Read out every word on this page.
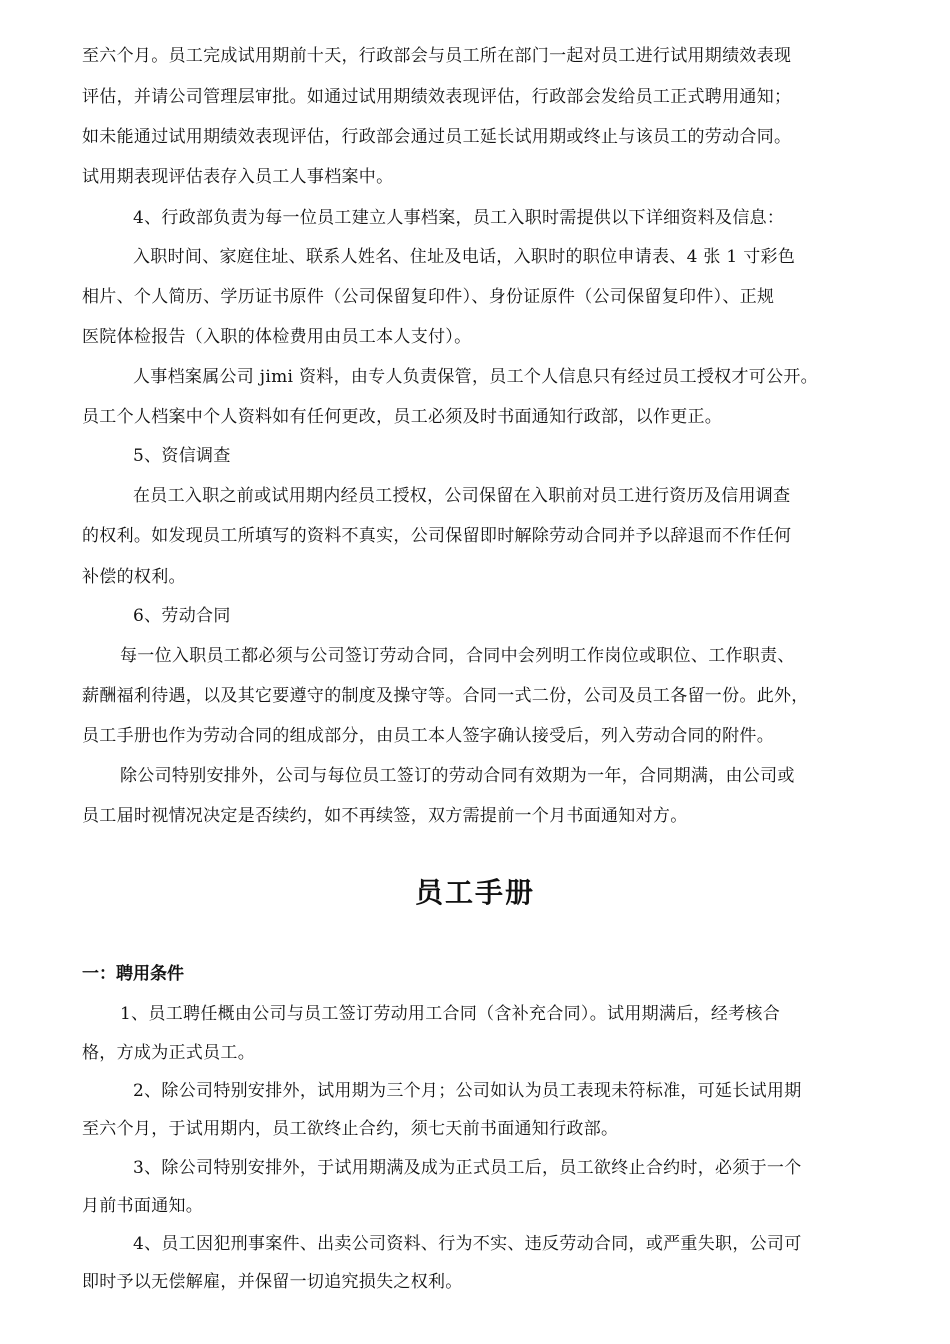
至六个月。员工完成试用期前十天，行政部会与员工所在部门一起对员工进行试用期绩效表现
评估，并请公司管理层审批。如通过试用期绩效表现评估，行政部会发给员工正式聘用通知；
如未能通过试用期绩效表现评估，行政部会通过员工延长试用期或终止与该员工的劳动合同。
试用期表现评估表存入员工人事档案中。
4、行政部负责为每一位员工建立人事档案，员工入职时需提供以下详细资料及信息：
入职时间、家庭住址、联系人姓名、住址及电话，入职时的职位申请表、4 张 1 寸彩色
相片、个人简历、学历证书原件（公司保留复印件）、身份证原件（公司保留复印件）、正规
医院体检报告（入职的体检费用由员工本人支付）。
人事档案属公司 jimi 资料，由专人负责保管，员工个人信息只有经过员工授权才可公开。
员工个人档案中个人资料如有任何更改，员工必须及时书面通知行政部，以作更正。
5、资信调查
在员工入职之前或试用期内经员工授权，公司保留在入职前对员工进行资历及信用调查
的权利。如发现员工所填写的资料不真实，公司保留即时解除劳动合同并予以辞退而不作任何
补偿的权利。
6、劳动合同
每一位入职员工都必须与公司签订劳动合同，合同中会列明工作岗位或职位、工作职责、
薪酬福利待遇，以及其它要遵守的制度及操守等。合同一式二份，公司及员工各留一份。此外，
员工手册也作为劳动合同的组成部分，由员工本人签字确认接受后，列入劳动合同的附件。
除公司特别安排外，公司与每位员工签订的劳动合同有效期为一年，合同期满，由公司或
员工届时视情况决定是否续约，如不再续签，双方需提前一个月书面通知对方。
员工手册
一：聘用条件
1、员工聘任概由公司与员工签订劳动用工合同（含补充合同）。试用期满后，经考核合
格，方成为正式员工。
2、除公司特别安排外，试用期为三个月；公司如认为员工表现未符标准，可延长试用期
至六个月，于试用期内，员工欲终止合约，须七天前书面通知行政部。
3、除公司特别安排外，于试用期满及成为正式员工后，员工欲终止合约时，必须于一个
月前书面通知。
4、员工因犯刑事案件、出卖公司资料、行为不实、违反劳动合同，或严重失职，公司可
即时予以无偿解雇，并保留一切追究损失之权利。
